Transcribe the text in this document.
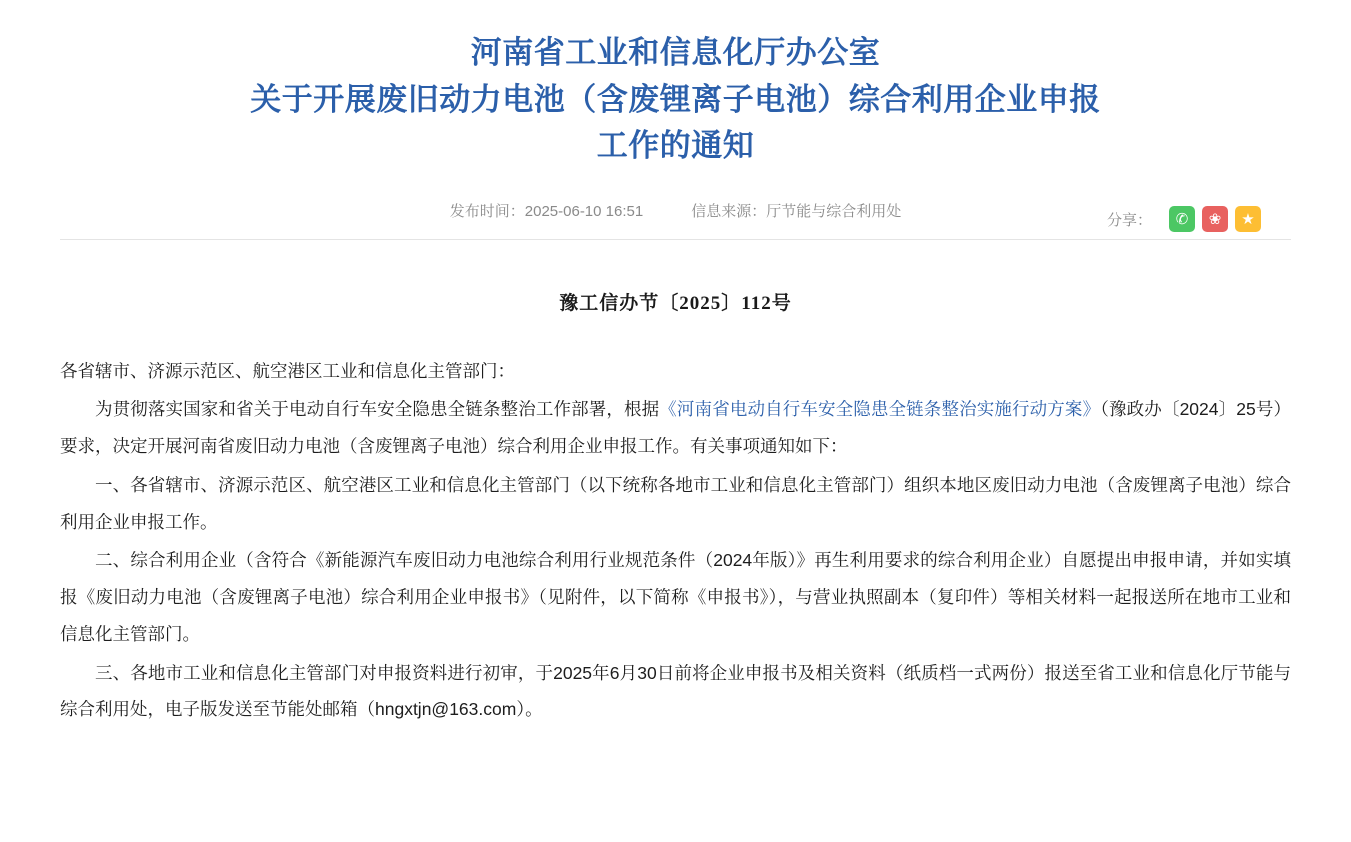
河南省工业和信息化厅办公室
关于开展废旧动力电池（含废锂离子电池）综合利用企业申报
工作的通知
发布时间：2025-06-10 16:51	信息来源：厅节能与综合利用处
分享：	✆	❀	★
豫工信办节〔2025〕112号

各省辖市、济源示范区、航空港区工业和信息化主管部门：

为贯彻落实国家和省关于电动自行车安全隐患全链条整治工作部署，根据《河南省电动自行车安全隐患全链条整治实施行动方案》（豫政办〔2024〕25号）要求，决定开展河南省废旧动力电池（含废锂离子电池）综合利用企业申报工作。有关事项通知如下：

一、各省辖市、济源示范区、航空港区工业和信息化主管部门（以下统称各地市工业和信息化主管部门）组织本地区废旧动力电池（含废锂离子电池）综合利用企业申报工作。

二、综合利用企业（含符合《新能源汽车废旧动力电池综合利用行业规范条件（2024年版）》再生利用要求的综合利用企业）自愿提出申报申请，并如实填报《废旧动力电池（含废锂离子电池）综合利用企业申报书》（见附件，以下简称《申报书》），与营业执照副本（复印件）等相关材料一起报送所在地市工业和信息化主管部门。

三、各地市工业和信息化主管部门对申报资料进行初审，于2025年6月30日前将企业申报书及相关资料（纸质档一式两份）报送至省工业和信息化厅节能与综合利用处，电子版发送至节能处邮箱（hngxtjn@163.com）。
